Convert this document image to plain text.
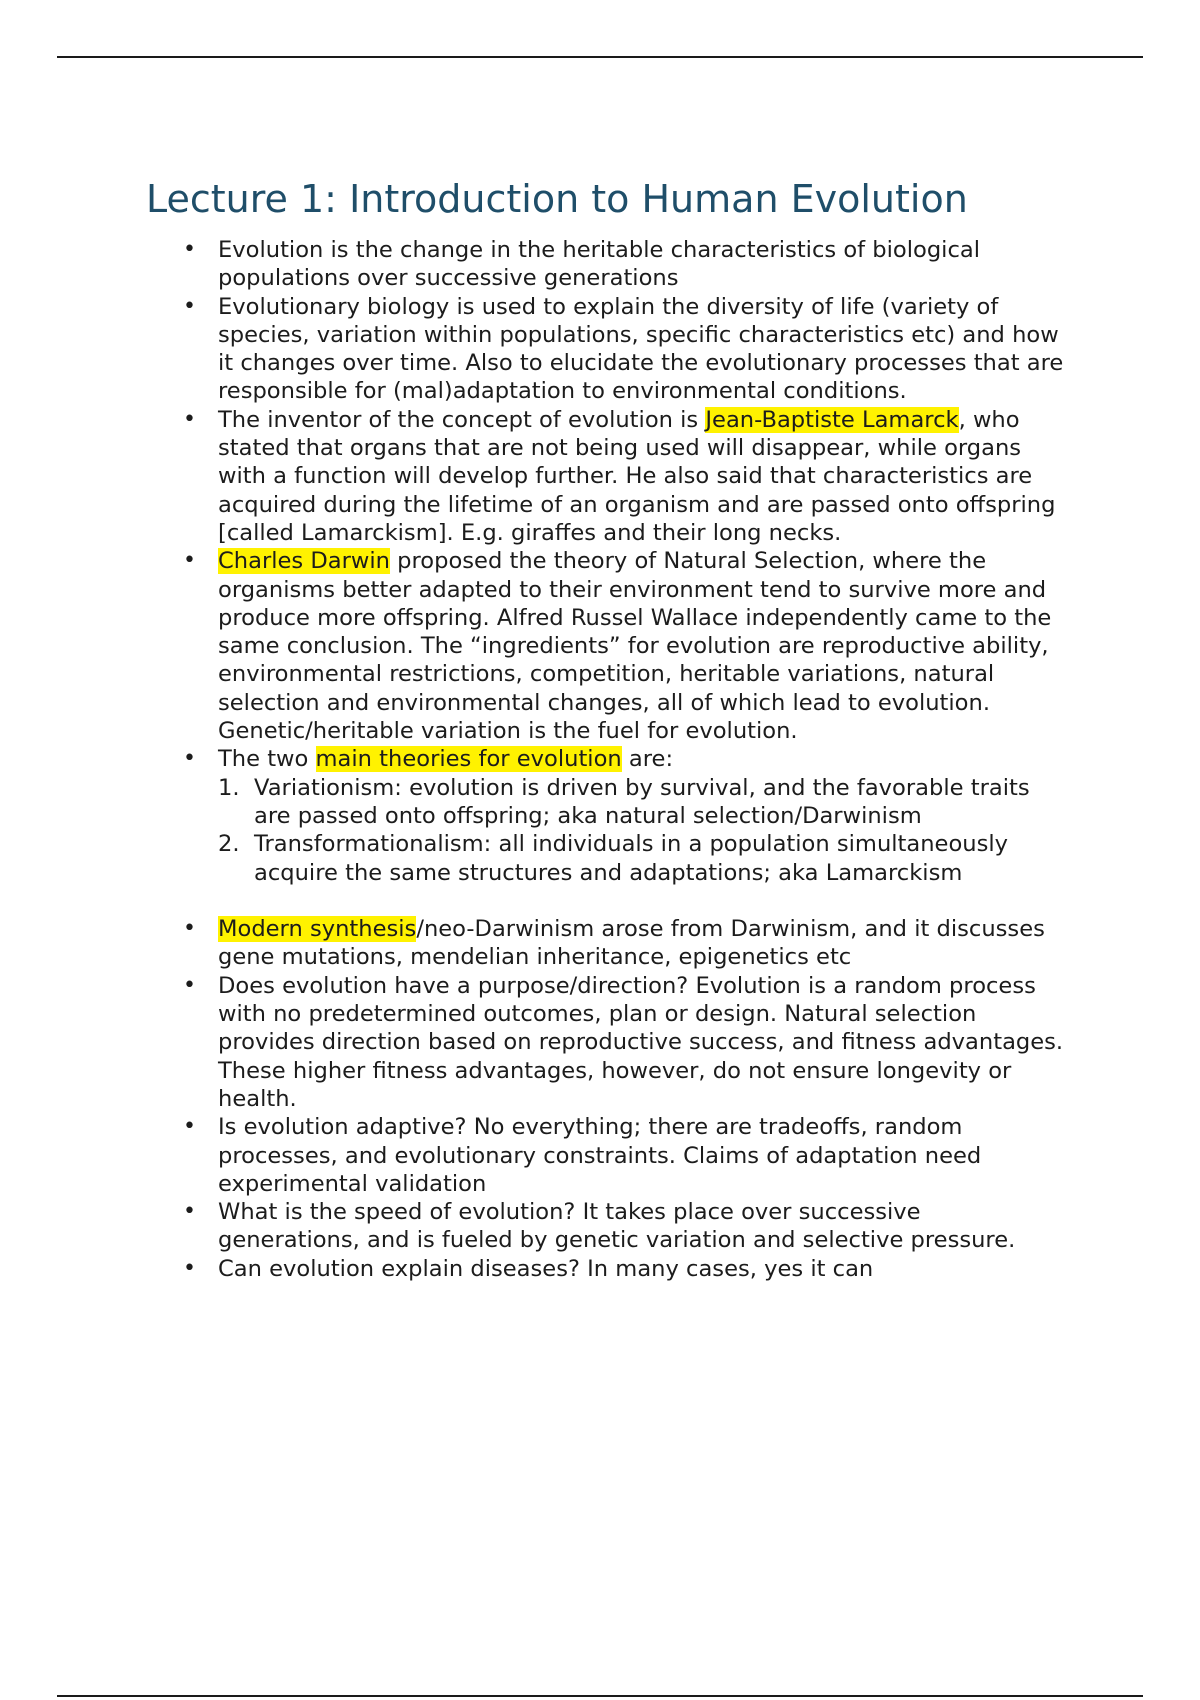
Lecture 1: Introduction to Human Evolution
• Evolution is the change in the heritable characteristics of biological populations over successive generations
• Evolutionary biology is used to explain the diversity of life (variety of species, variation within populations, specific characteristics etc) and how it changes over time. Also to elucidate the evolutionary processes that are responsible for (mal)adaptation to environmental conditions.
• The inventor of the concept of evolution is Jean-Baptiste Lamarck, who stated that organs that are not being used will disappear, while organs with a function will develop further. He also said that characteristics are acquired during the lifetime of an organism and are passed onto offspring [called Lamarckism]. E.g. giraffes and their long necks.
• Charles Darwin proposed the theory of Natural Selection, where the organisms better adapted to their environment tend to survive more and produce more offspring. Alfred Russel Wallace independently came to the same conclusion. The “ingredients” for evolution are reproductive ability, environmental restrictions, competition, heritable variations, natural selection and environmental changes, all of which lead to evolution. Genetic/heritable variation is the fuel for evolution.
• The two main theories for evolution are:
1. Variationism: evolution is driven by survival, and the favorable traits are passed onto offspring; aka natural selection/Darwinism
2. Transformationalism: all individuals in a population simultaneously acquire the same structures and adaptations; aka Lamarckism
• Modern synthesis/neo-Darwinism arose from Darwinism, and it discusses gene mutations, mendelian inheritance, epigenetics etc
• Does evolution have a purpose/direction? Evolution is a random process with no predetermined outcomes, plan or design. Natural selection provides direction based on reproductive success, and fitness advantages. These higher fitness advantages, however, do not ensure longevity or health.
• Is evolution adaptive? No everything; there are tradeoffs, random processes, and evolutionary constraints. Claims of adaptation need experimental validation
• What is the speed of evolution? It takes place over successive generations, and is fueled by genetic variation and selective pressure.
• Can evolution explain diseases? In many cases, yes it can
